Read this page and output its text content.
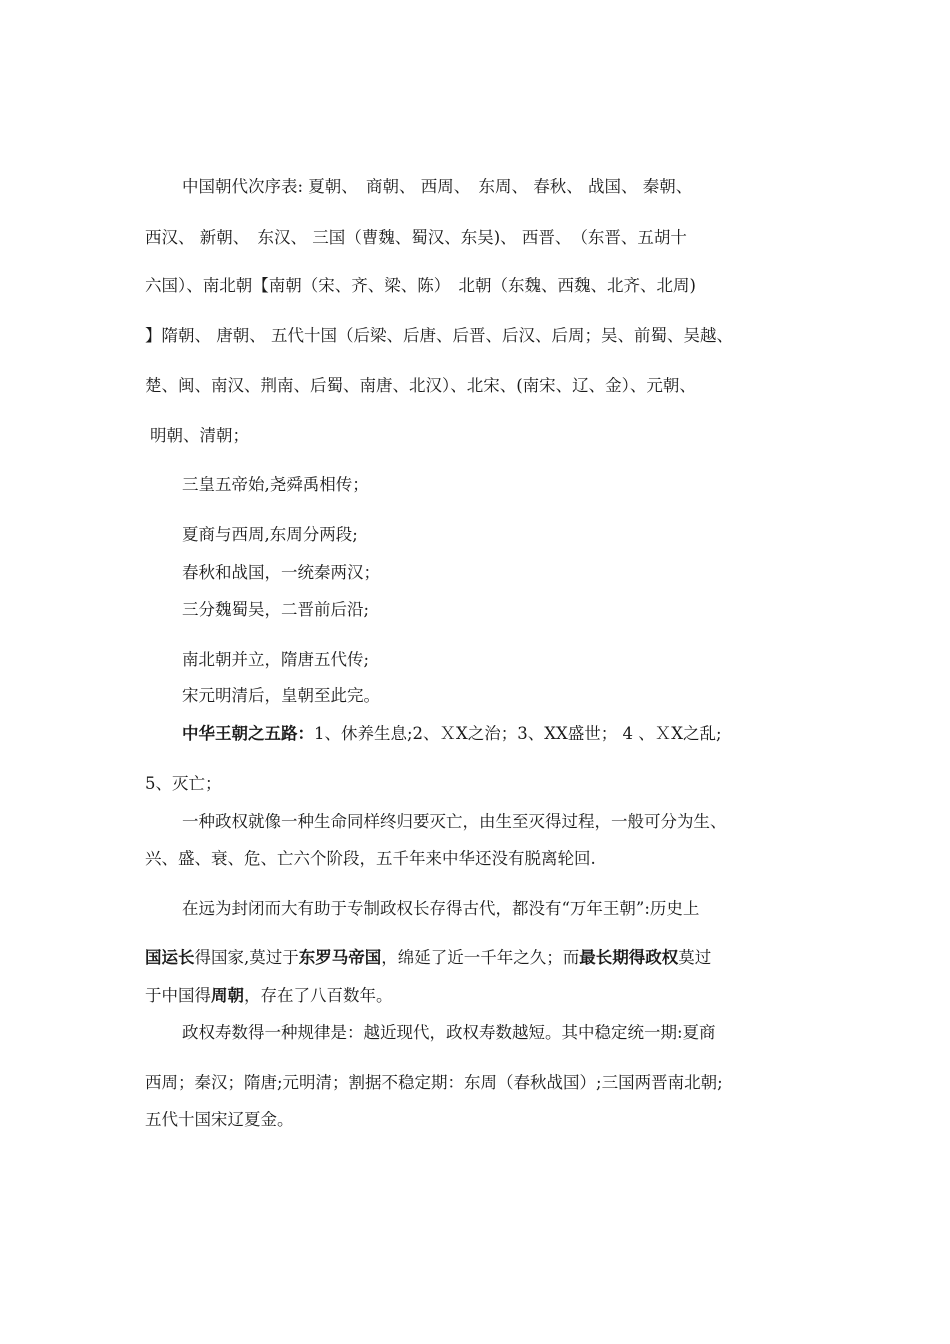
中国朝代次序表: 夏朝、　商朝、 西周、　东周、 春秋、 战国、 秦朝、

西汉、 新朝、　东汉、 三国（曹魏、蜀汉、东吴)、 西晋、　（东晋、五胡十

六国）、南北朝【南朝（宋、齐、梁、陈）　北朝（东魏、西魏、北齐、北周)

】隋朝、 唐朝、 五代十国（后梁、后唐、后晋、后汉、后周；吴、前蜀、吴越、

楚、闽、南汉、荆南、后蜀、南唐、北汉）、北宋、(南宋、辽、金）、元朝、

明朝、清朝；

三皇五帝始,尧舜禹相传；

夏商与西周,东周分两段;

春秋和战国，一统秦两汉；

三分魏蜀吴，二晋前后沿;

南北朝并立，隋唐五代传;

宋元明清后，皇朝至此完。

中华王朝之五路：1、休养生息;2、ＸX之治；3、XX盛世； 4 、ＸX之乱;

5、灭亡；

一种政权就像一种生命同样终归要灭亡，由生至灭得过程，一般可分为生、

兴、盛、衰、危、亡六个阶段，五千年来中华还没有脱离轮回.

在远为封闭而大有助于专制政权长存得古代，都没有“万年王朝”:历史上

国运长得国家,莫过于东罗马帝国，绵延了近一千年之久；而最长期得政权莫过

于中国得周朝，存在了八百数年。

政权寿数得一种规律是：越近现代，政权寿数越短。其中稳定统一期:夏商

西周；秦汉；隋唐;元明清；割据不稳定期：东周（春秋战国）;三国两晋南北朝;

五代十国宋辽夏金。
